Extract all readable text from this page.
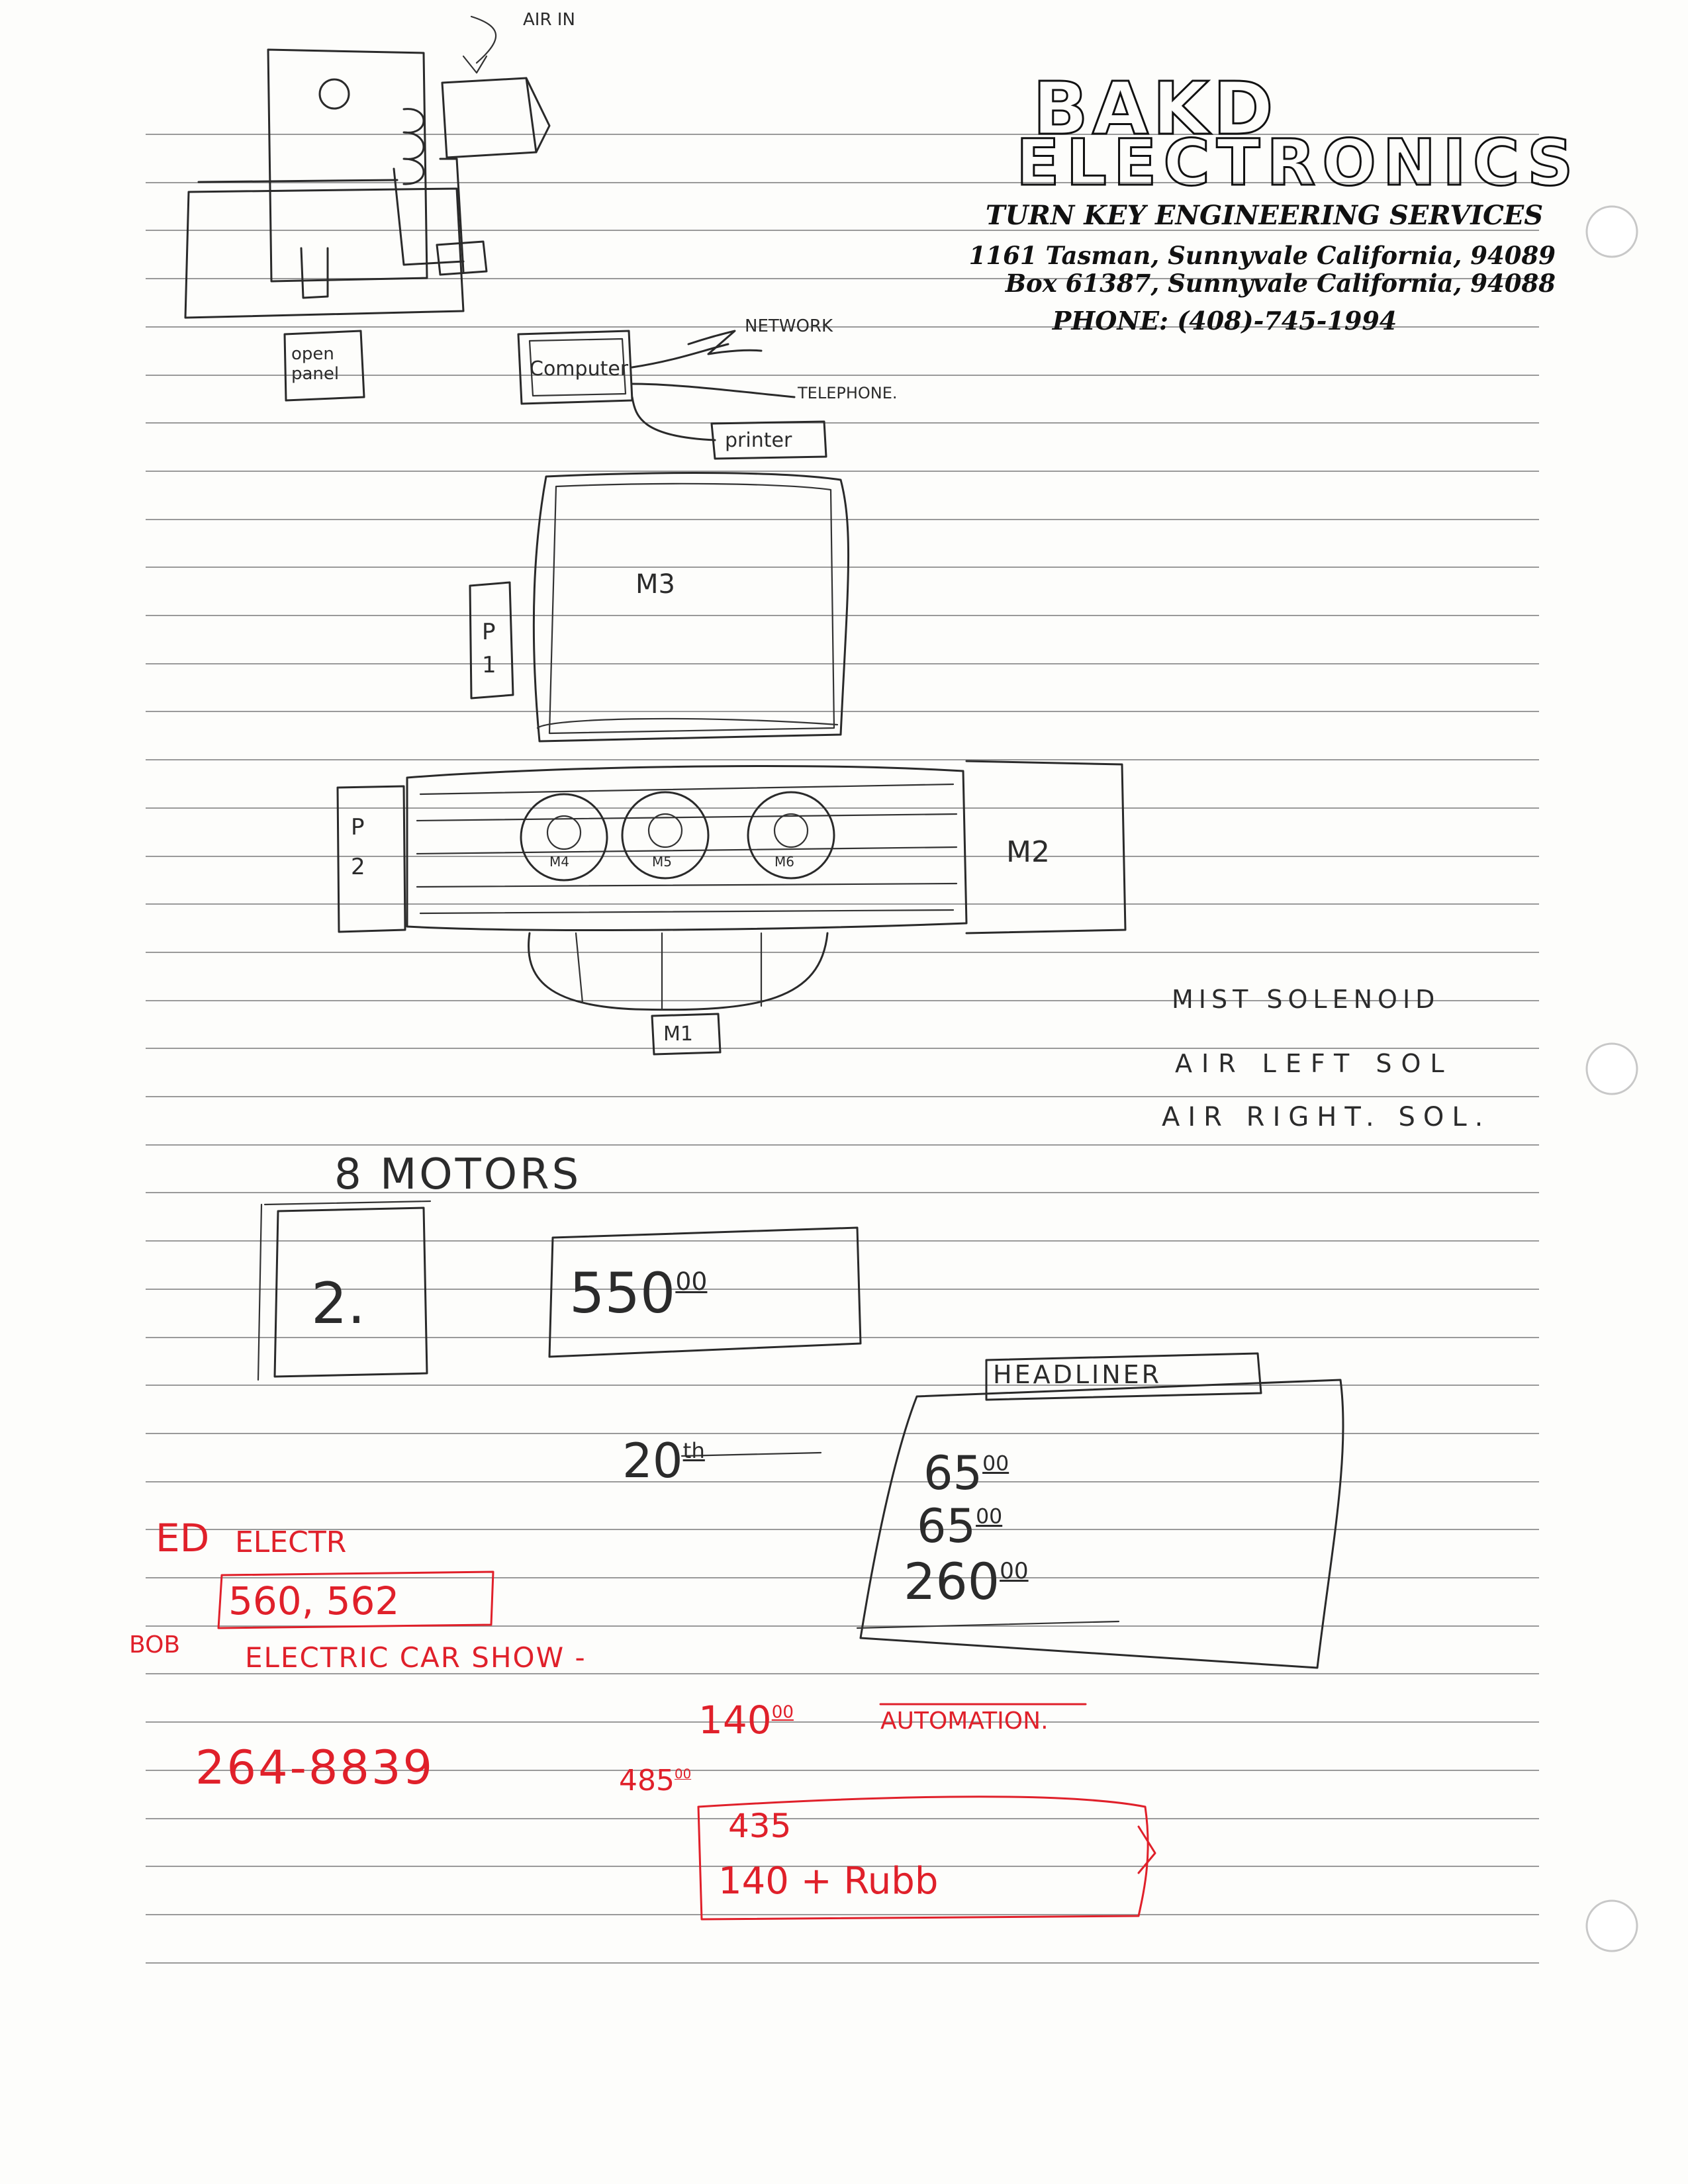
BAKD
ELECTRONICS
TURN KEY ENGINEERING SERVICES
1161 Tasman, Sunnyvale California, 94089
Box 61387, Sunnyvale California, 94088
PHONE: (408)-745-1994
AIR IN
open panel	Computer
NETWORK
TELEPHONE.
printer
M3
P 1
P 2	M4	M5	M6	M2
M1
MIST SOLENOID
AIR LEFT SOL
AIR RIGHT. SOL.
8 MOTORS
2.	$550^{00}$
HEADLINER
20th	$65^{00}$
$65^{00}$
$260^{00}$
ED ELECTR
560, 562
BOB ELECTRIC CAR SHOW -
264-8839
$140^{00}$	AUTOMATION.
$485^{00}$
435
140 + Rubb
